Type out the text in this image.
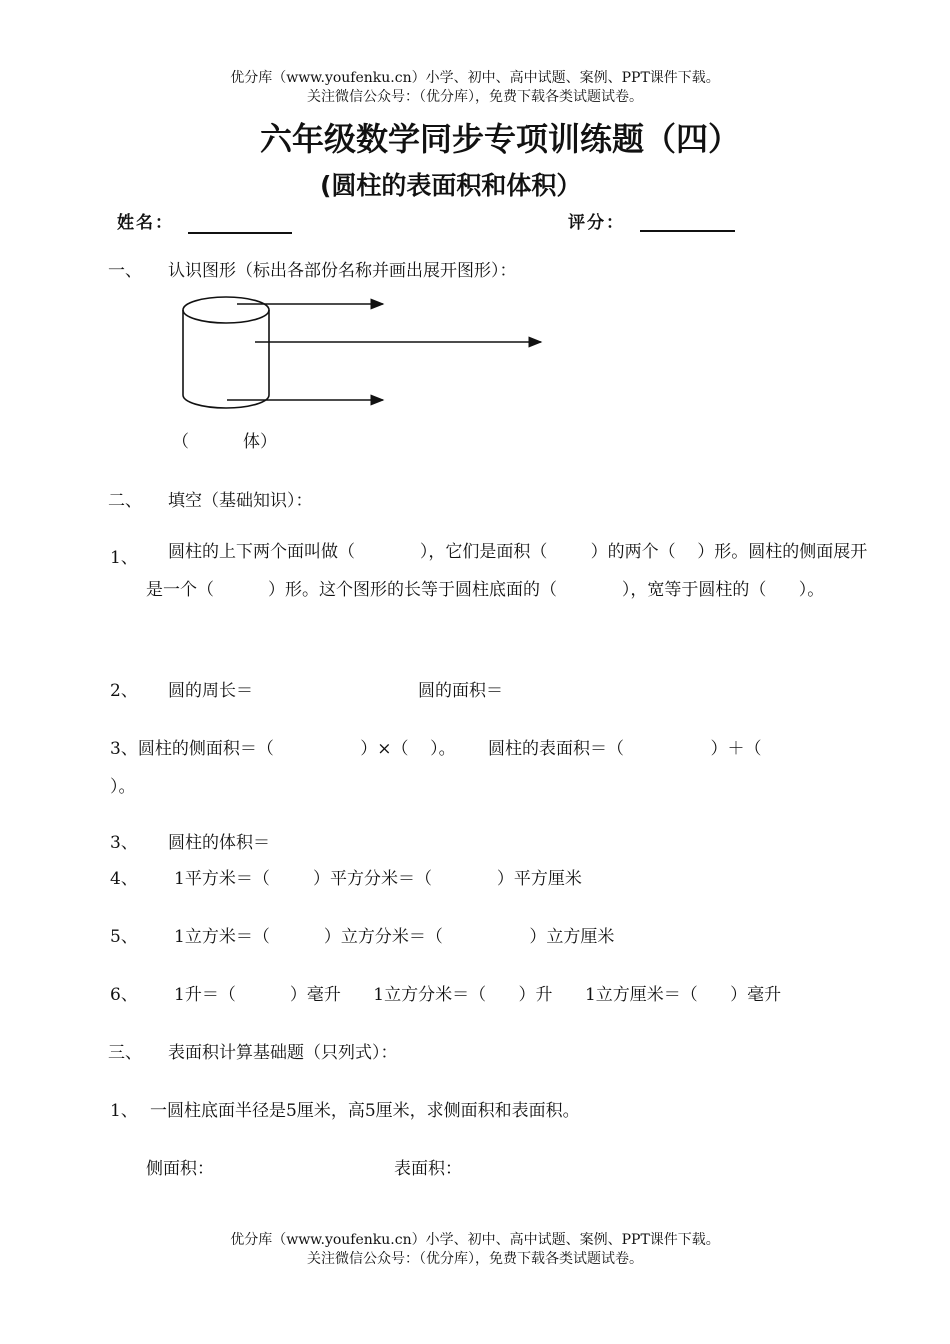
优分库（www.youfenku.cn）小学、初中、高中试题、案例、PPT课件下载。
关注微信公众号：（优分库），免费下载各类试题试卷。
六年级数学同步专项训练题（四）
(圆柱的表面积和体积）
姓名：	评分：
一、 认识图形（标出各部份名称并画出展开图形）：
（          体）
二、 填空（基础知识）：
1、	圆柱的上下两个面叫做（            ），它们是面积（        ）的两个（    ）形。圆柱的侧面展开是一个（          ）形。这个图形的长等于圆柱底面的（            ），宽等于圆柱的（      ）。
2、 圆的周长＝	圆的面积＝
3、圆柱的侧面积＝（                ）×（    ）。      圆柱的表面积＝（                ）＋（
）。
3、 圆柱的体积＝
4、 1平方米＝（        ）平方分米＝（            ）平方厘米
5、 1立方米＝（          ）立方分米＝（                ）立方厘米
6、 1升＝（          ）毫升      1立方分米＝（      ）升      1立方厘米＝（      ）毫升
三、 表面积计算基础题（只列式）：
1、 一圆柱底面半径是5厘米，高5厘米，求侧面积和表面积。
侧面积：	表面积：
优分库（www.youfenku.cn）小学、初中、高中试题、案例、PPT课件下载。
关注微信公众号：（优分库），免费下载各类试题试卷。
